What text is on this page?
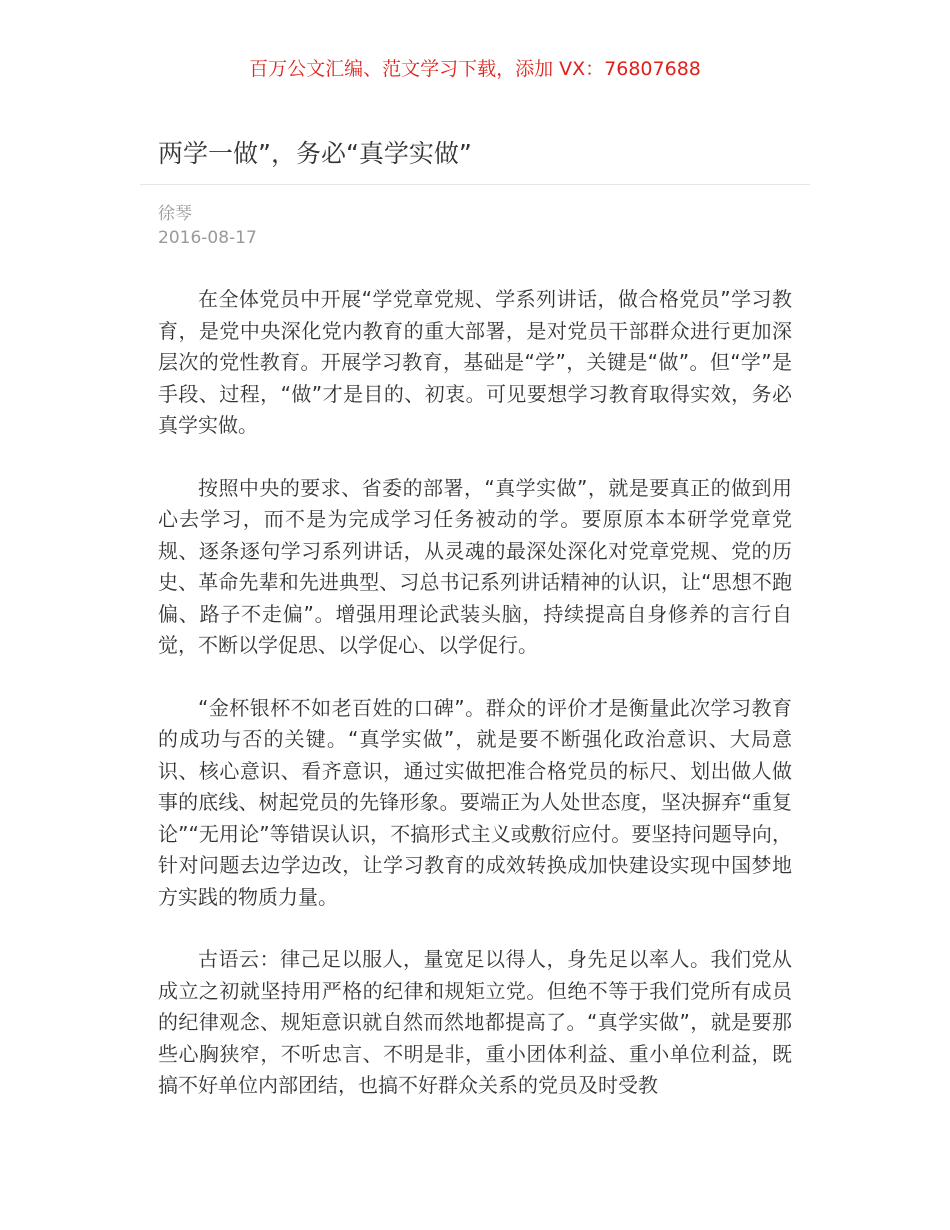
百万公文汇编、范文学习下载，添加 VX：76807688
两学一做”，务必“真学实做”
徐琴
2016-08-17

在全体党员中开展“学党章党规、学系列讲话，做合格党员”学习教育，是党中央深化党内教育的重大部署，是对党员干部群众进行更加深层次的党性教育。开展学习教育，基础是“学”，关键是“做”。但“学”是手段、过程，“做”才是目的、初衷。可见要想学习教育取得实效，务必真学实做。

按照中央的要求、省委的部署，“真学实做”，就是要真正的做到用心去学习，而不是为完成学习任务被动的学。要原原本本研学党章党规、逐条逐句学习系列讲话，从灵魂的最深处深化对党章党规、党的历史、革命先辈和先进典型、习总书记系列讲话精神的认识，让“思想不跑偏、路子不走偏”。增强用理论武装头脑，持续提高自身修养的言行自觉，不断以学促思、以学促心、以学促行。

“金杯银杯不如老百姓的口碑”。群众的评价才是衡量此次学习教育的成功与否的关键。“真学实做”，就是要不断强化政治意识、大局意识、核心意识、看齐意识，通过实做把准合格党员的标尺、划出做人做事的底线、树起党员的先锋形象。要端正为人处世态度，坚决摒弃“重复论”“无用论”等错误认识，不搞形式主义或敷衍应付。要坚持问题导向，针对问题去边学边改，让学习教育的成效转换成加快建设实现中国梦地方实践的物质力量。

古语云：律己足以服人，量宽足以得人，身先足以率人。我们党从成立之初就坚持用严格的纪律和规矩立党。但绝不等于我们党所有成员的纪律观念、规矩意识就自然而然地都提高了。“真学实做”，就是要那些心胸狭窄，不听忠言、不明是非，重小团体利益、重小单位利益，既搞不好单位内部团结，也搞不好群众关系的党员及时受教
